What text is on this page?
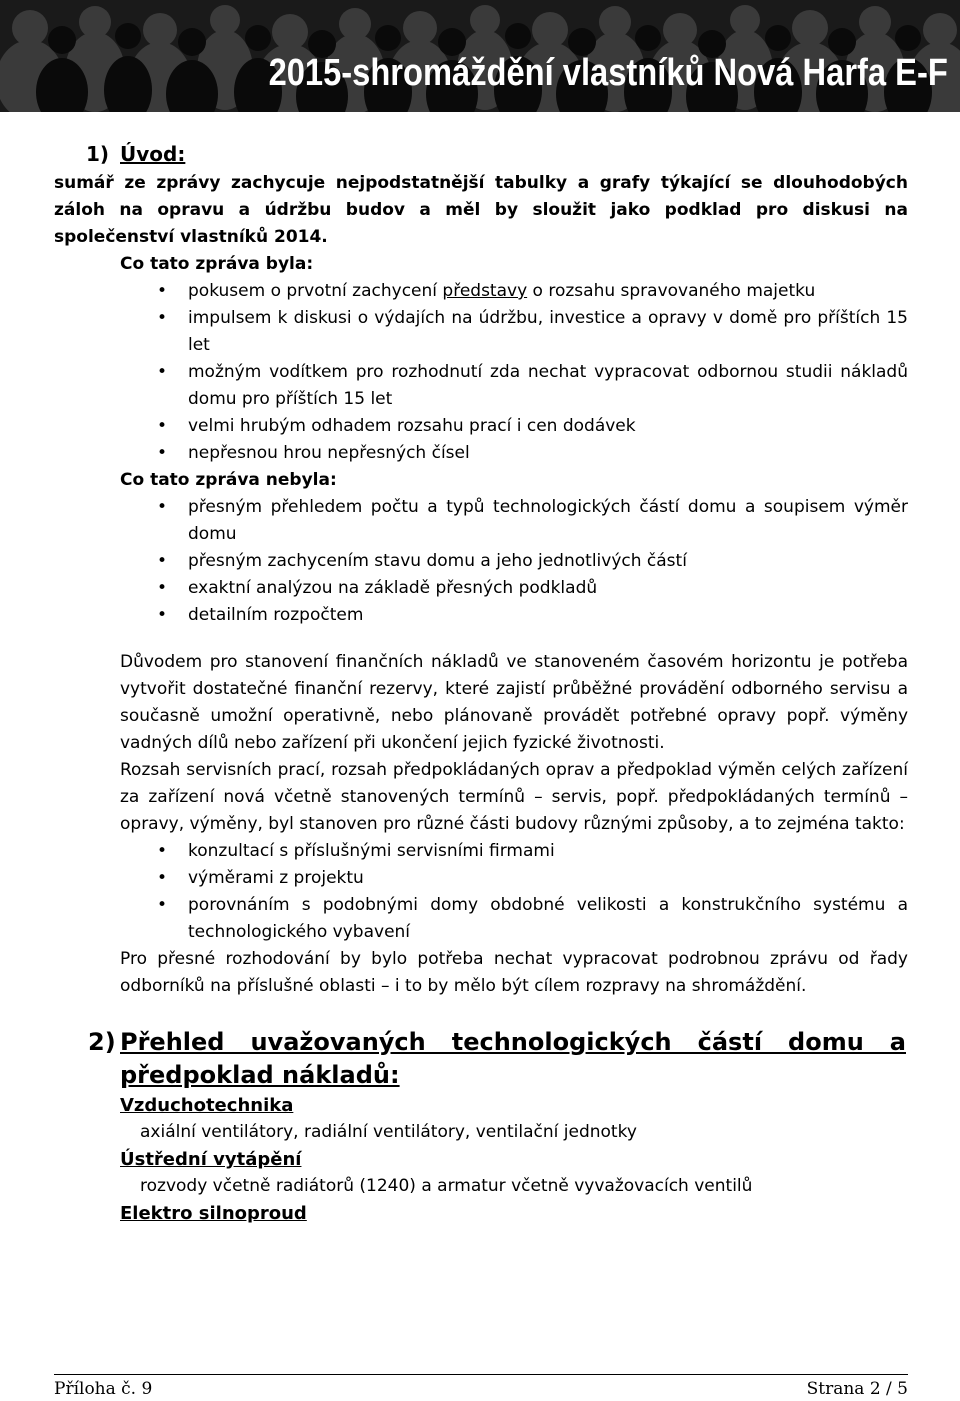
2015-shromáždění vlastníků Nová Harfa E-F
1) Úvod:

sumář ze zprávy zachycuje nejpodstatnější tabulky a grafy týkající se dlouhodobých záloh na opravu a údržbu budov a měl by sloužit jako podklad pro diskusi na společenství vlastníků 2014.

Co tato zpráva byla:

• pokusem o prvotní zachycení představy o rozsahu spravovaného majetku
• impulsem k diskusi o výdajích na údržbu, investice a opravy v domě pro příštích 15 let
• možným vodítkem pro rozhodnutí zda nechat vypracovat odbornou studii nákladů domu pro příštích 15 let
• velmi hrubým odhadem rozsahu prací i cen dodávek
• nepřesnou hrou nepřesných čísel

Co tato zpráva nebyla:

• přesným přehledem počtu a typů technologických částí domu a soupisem výměr domu
• přesným zachycením stavu domu a jeho jednotlivých částí
• exaktní analýzou na základě přesných podkladů
• detailním rozpočtem

Důvodem pro stanovení finančních nákladů ve stanoveném časovém horizontu je potřeba vytvořit dostatečné finanční rezervy, které zajistí průběžné provádění odborného servisu a současně umožní operativně, nebo plánovaně provádět potřebné opravy popř. výměny vadných dílů nebo zařízení při ukončení jejich fyzické životnosti.

Rozsah servisních prací, rozsah předpokládaných oprav a předpoklad výměn celých zařízení za zařízení nová včetně stanovených termínů – servis, popř. předpokládaných termínů – opravy, výměny, byl stanoven pro různé části budovy různými způsoby, a to zejména takto:

• konzultací s příslušnými servisními firmami
• výměrami z projektu
• porovnáním s podobnými domy obdobné velikosti a konstrukčního systému a technologického vybavení

Pro přesné rozhodování by bylo potřeba nechat vypracovat podrobnou zprávu od řady odborníků na příslušné oblasti – i to by mělo být cílem rozpravy na shromáždění.

2) Přehled uvažovaných technologických částí domu a
předpoklad nákladů:
Vzduchotechnika
axiální ventilátory, radiální ventilátory, ventilační jednotky
Ústřední vytápění
rozvody včetně radiátorů (1240) a armatur včetně vyvažovacích ventilů
Elektro silnoproud
Příloha č. 9	Strana 2 / 5
